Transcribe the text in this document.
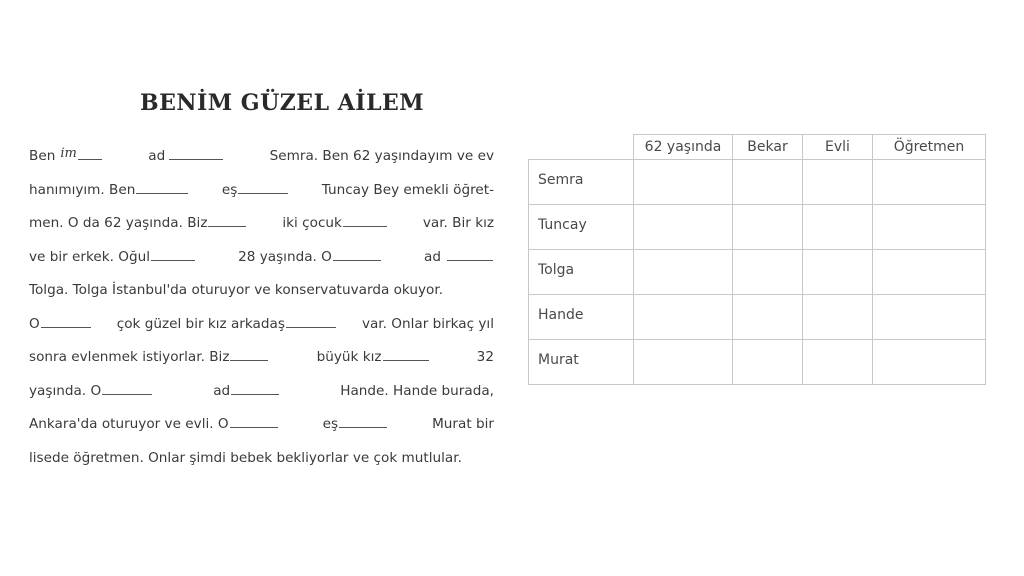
BENİM GÜZEL AİLEM
Ben im	ad	Semra. Ben 62 yaşındayım ve ev
hanımıyım. Ben	eş	Tuncay Bey emekli öğret-
men. O da 62 yaşında. Biz	iki çocuk	var. Bir kız
ve bir erkek. Oğul	28 yaşında. O	ad
Tolga. Tolga İstanbul'da oturuyor ve konservatuvarda okuyor.
O	çok güzel bir kız arkadaş	var. Onlar birkaç yıl
sonra evlenmek istiyorlar. Biz	büyük kız	32
yaşında. O	ad	Hande. Hande burada,
Ankara'da oturuyor ve evli. O	eş	Murat bir
lisede öğretmen. Onlar şimdi bebek bekliyorlar ve çok mutlular.
	62 yaşında	Bekar	Evli	Öğretmen
Semra				
Tuncay				
Tolga				
Hande				
Murat				
